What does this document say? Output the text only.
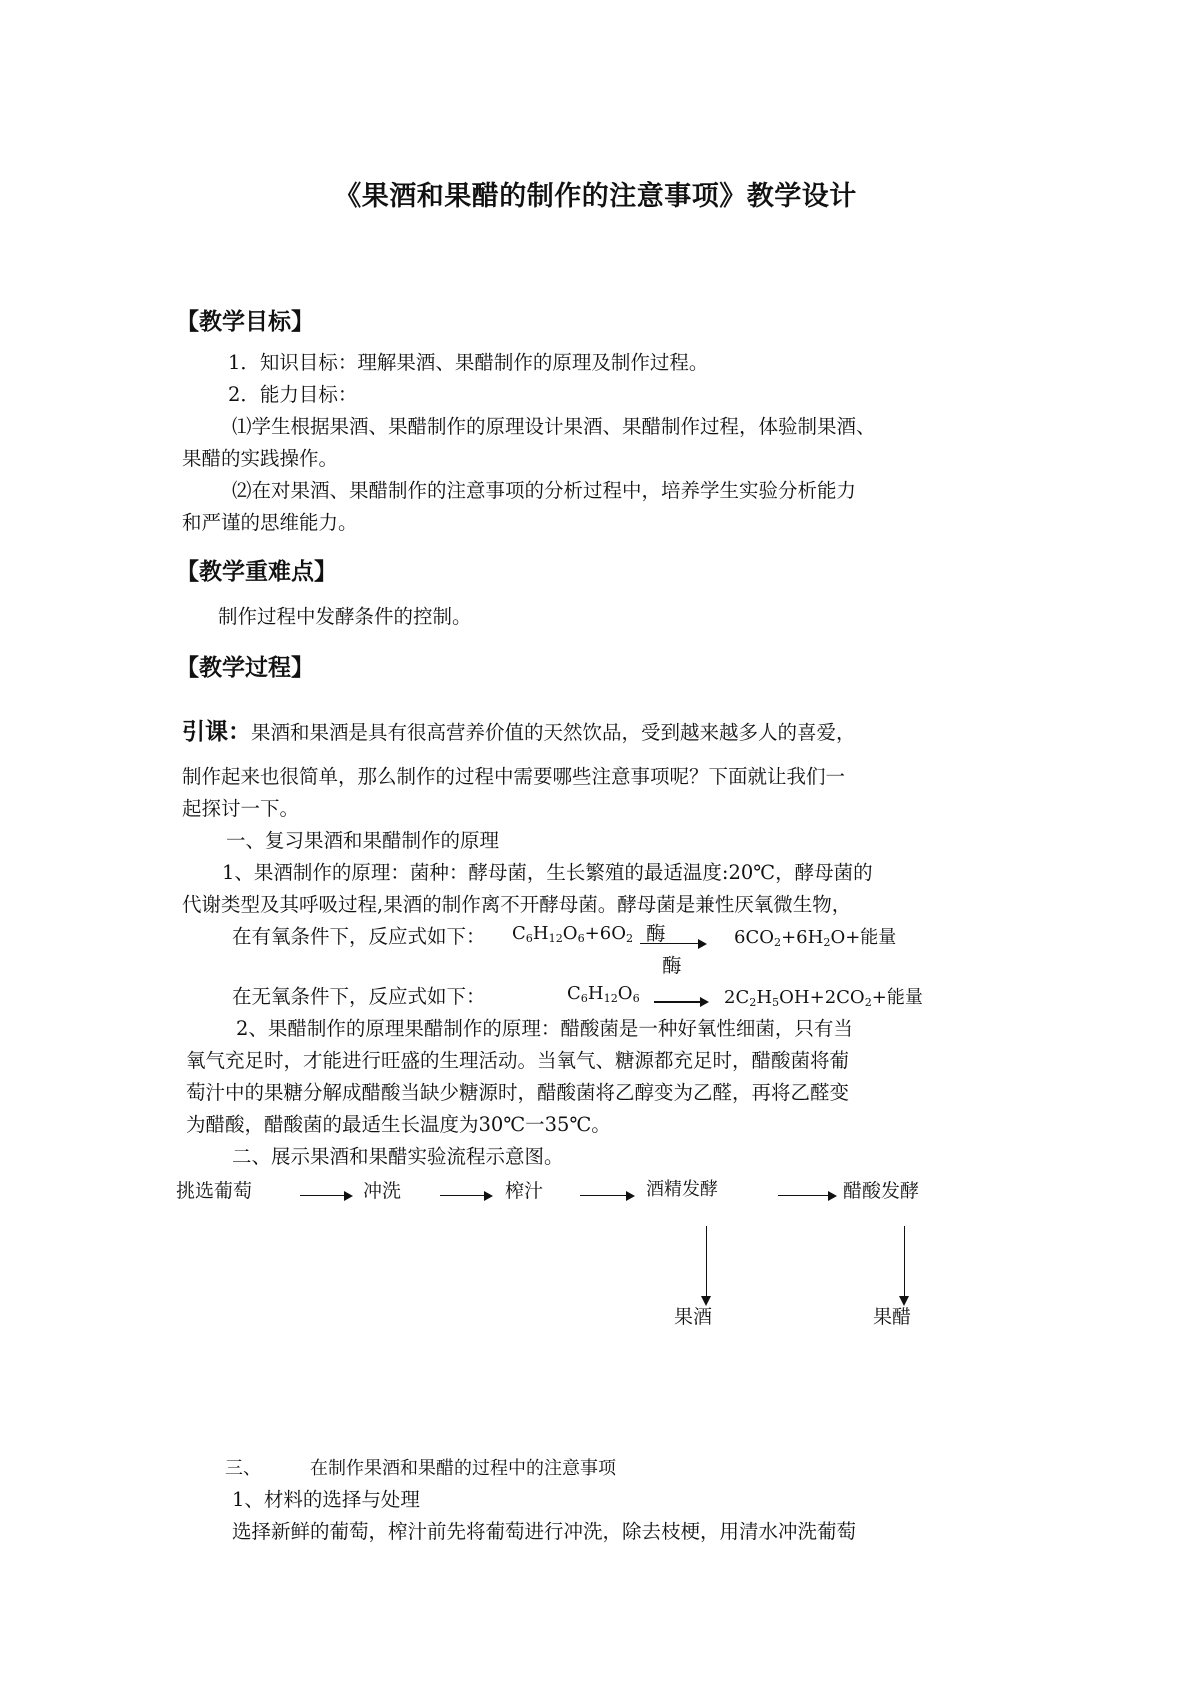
《果酒和果醋的制作的注意事项》教学设计
【教学目标】
1．知识目标：理解果酒、果醋制作的原理及制作过程。
2．能力目标：
⑴学生根据果酒、果醋制作的原理设计果酒、果醋制作过程，体验制果酒、
果醋的实践操作。
⑵在对果酒、果醋制作的注意事项的分析过程中，培养学生实验分析能力
和严谨的思维能力。
【教学重难点】
制作过程中发酵条件的控制。
【教学过程】
引课：果酒和果酒是具有很高营养价值的天然饮品，受到越来越多人的喜爱，
制作起来也很简单，那么制作的过程中需要哪些注意事项呢？下面就让我们一
起探讨一下。
一、复习果酒和果醋制作的原理
1、果酒制作的原理：菌种：酵母菌，生长繁殖的最适温度:20℃，酵母菌的
代谢类型及其呼吸过程,果酒的制作离不开酵母菌。酵母菌是兼性厌氧微生物，
在有氧条件下，反应式如下： $C_6H_{12}O_6+6O_2$ 酶	$6CO_2+6H_2O+$能量
酶
在无氧条件下，反应式如下：	$C_6H_{12}O_6$	$2C_2H_5OH+2CO_2+$能量
2、果醋制作的原理果醋制作的原理：醋酸菌是一种好氧性细菌，只有当
氧气充足时，才能进行旺盛的生理活动。当氧气、糖源都充足时，醋酸菌将葡
萄汁中的果糖分解成醋酸当缺少糖源时，醋酸菌将乙醇变为乙醛，再将乙醛变
为醋酸，醋酸菌的最适生长温度为30℃一35℃。
二、展示果酒和果醋实验流程示意图。
挑选葡萄	冲洗	榨汁	酒精发酵	醋酸发酵
果酒	果醋
三、	在制作果酒和果醋的过程中的注意事项
1、材料的选择与处理
选择新鲜的葡萄，榨汁前先将葡萄进行冲洗，除去枝梗，用清水冲洗葡萄
